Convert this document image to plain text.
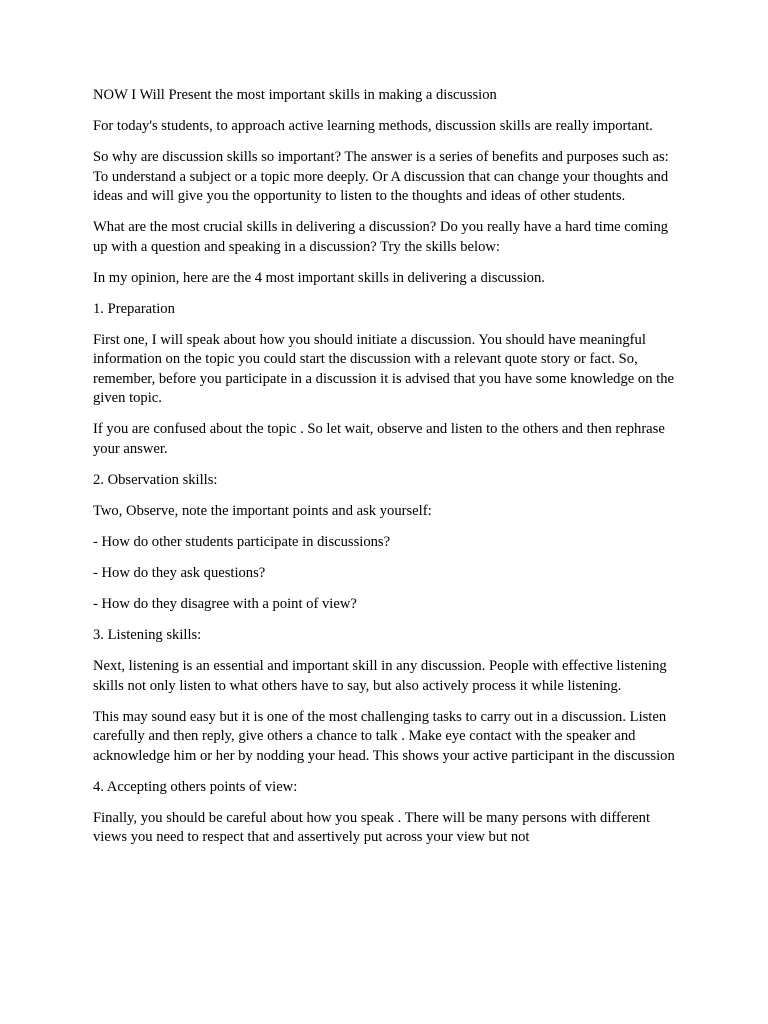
NOW I Will Present the most important skills in making a discussion

For today's students, to approach active learning methods, discussion skills are really important.

So why are discussion skills so important? The answer is a series of benefits and purposes such as: To understand a subject or a topic more deeply. Or A discussion that can change your thoughts and ideas and will give you the opportunity to listen to the thoughts and ideas of other students.

What are the most crucial skills in delivering a discussion? Do you really have a hard time coming up with a question and speaking in a discussion? Try the skills below:

In my opinion, here are the 4 most important skills in delivering a discussion.

1. Preparation

First one, I will speak about how you should initiate a discussion. You should have meaningful information on the topic you could start the discussion with a relevant quote story or fact. So, remember, before you participate in a discussion it is advised that you have some knowledge on the given topic.

If you are confused about the topic . So let wait, observe and listen to the others and then rephrase your answer.

2. Observation skills:

Two, Observe, note the important points and ask yourself:

- How do other students participate in discussions?

- How do they ask questions?

- How do they disagree with a point of view?

3. Listening skills:

Next, listening is an essential and important skill in any discussion. People with effective listening skills not only listen to what others have to say, but also actively process it while listening.

This may sound easy but it is one of the most challenging tasks to carry out in a discussion. Listen carefully and then reply, give others a chance to talk . Make eye contact with the speaker and acknowledge him or her by nodding your head. This shows your active participant in the discussion

4. Accepting others points of view:

Finally, you should be careful about how you speak . There will be many persons with different views you need to respect that and assertively put across your view but not
